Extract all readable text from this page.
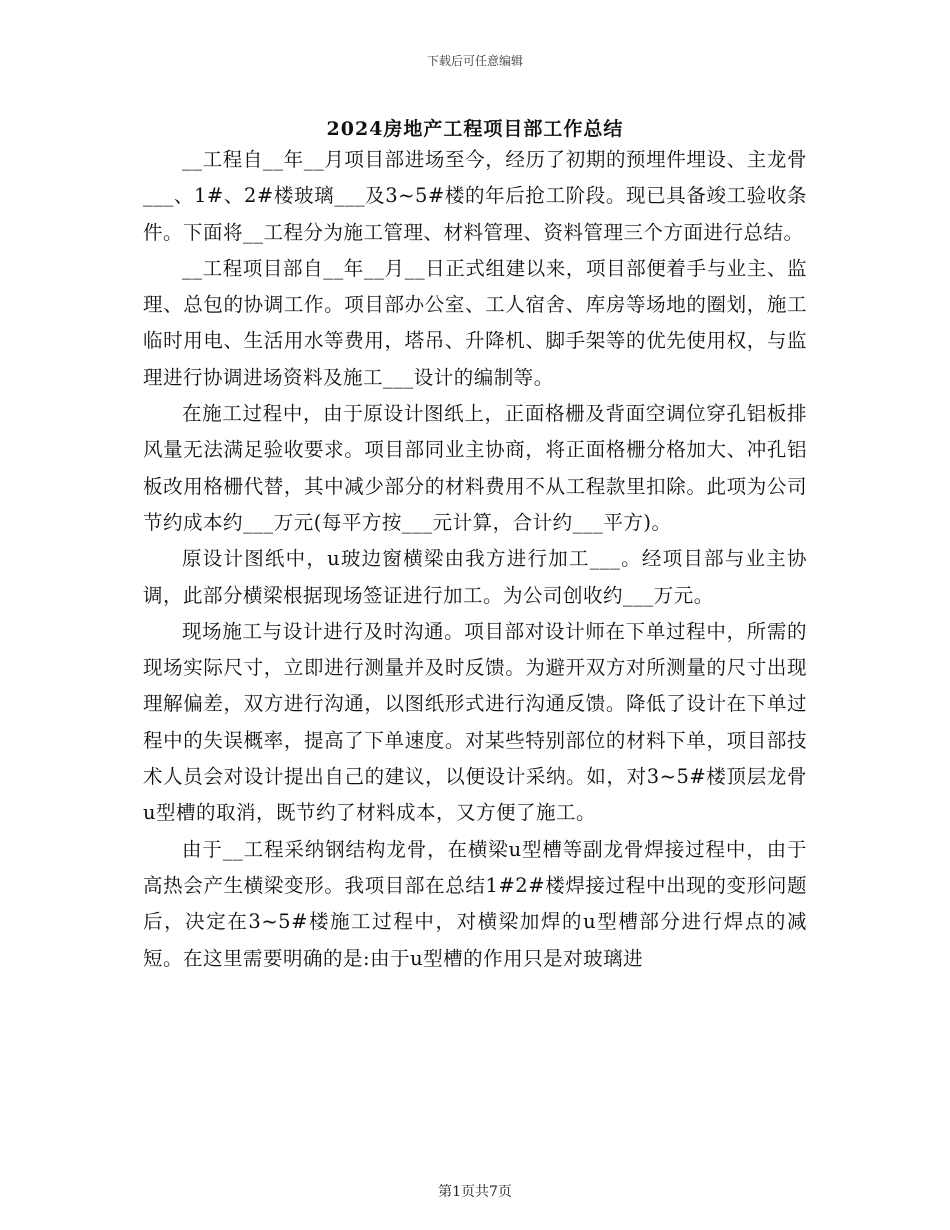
下载后可任意编辑
2024房地产工程项目部工作总结

__工程自__年__月项目部进场至今，经历了初期的预埋件埋设、主龙骨___、1#、2#楼玻璃___及3~5#楼的年后抢工阶段。现已具备竣工验收条件。下面将__工程分为施工管理、材料管理、资料管理三个方面进行总结。

__工程项目部自__年__月__日正式组建以来，项目部便着手与业主、监理、总包的协调工作。项目部办公室、工人宿舍、库房等场地的圈划，施工临时用电、生活用水等费用，塔吊、升降机、脚手架等的优先使用权，与监理进行协调进场资料及施工___设计的编制等。

在施工过程中，由于原设计图纸上，正面格栅及背面空调位穿孔铝板排风量无法满足验收要求。项目部同业主协商，将正面格栅分格加大、冲孔铝板改用格栅代替，其中减少部分的材料费用不从工程款里扣除。此项为公司节约成本约___万元(每平方按___元计算，合计约___平方)。

原设计图纸中，u玻边窗横梁由我方进行加工___。经项目部与业主协调，此部分横梁根据现场签证进行加工。为公司创收约___万元。

现场施工与设计进行及时沟通。项目部对设计师在下单过程中，所需的现场实际尺寸，立即进行测量并及时反馈。为避开双方对所测量的尺寸出现理解偏差，双方进行沟通，以图纸形式进行沟通反馈。降低了设计在下单过程中的失误概率，提高了下单速度。对某些特别部位的材料下单，项目部技术人员会对设计提出自己的建议，以便设计采纳。如，对3~5#楼顶层龙骨u型槽的取消，既节约了材料成本，又方便了施工。

由于__工程采纳钢结构龙骨，在横梁u型槽等副龙骨焊接过程中，由于高热会产生横梁变形。我项目部在总结1#2#楼焊接过程中出现的变形问题后，决定在3~5#楼施工过程中，对横梁加焊的u型槽部分进行焊点的减短。在这里需要明确的是:由于u型槽的作用只是对玻璃进

第1页共7页
